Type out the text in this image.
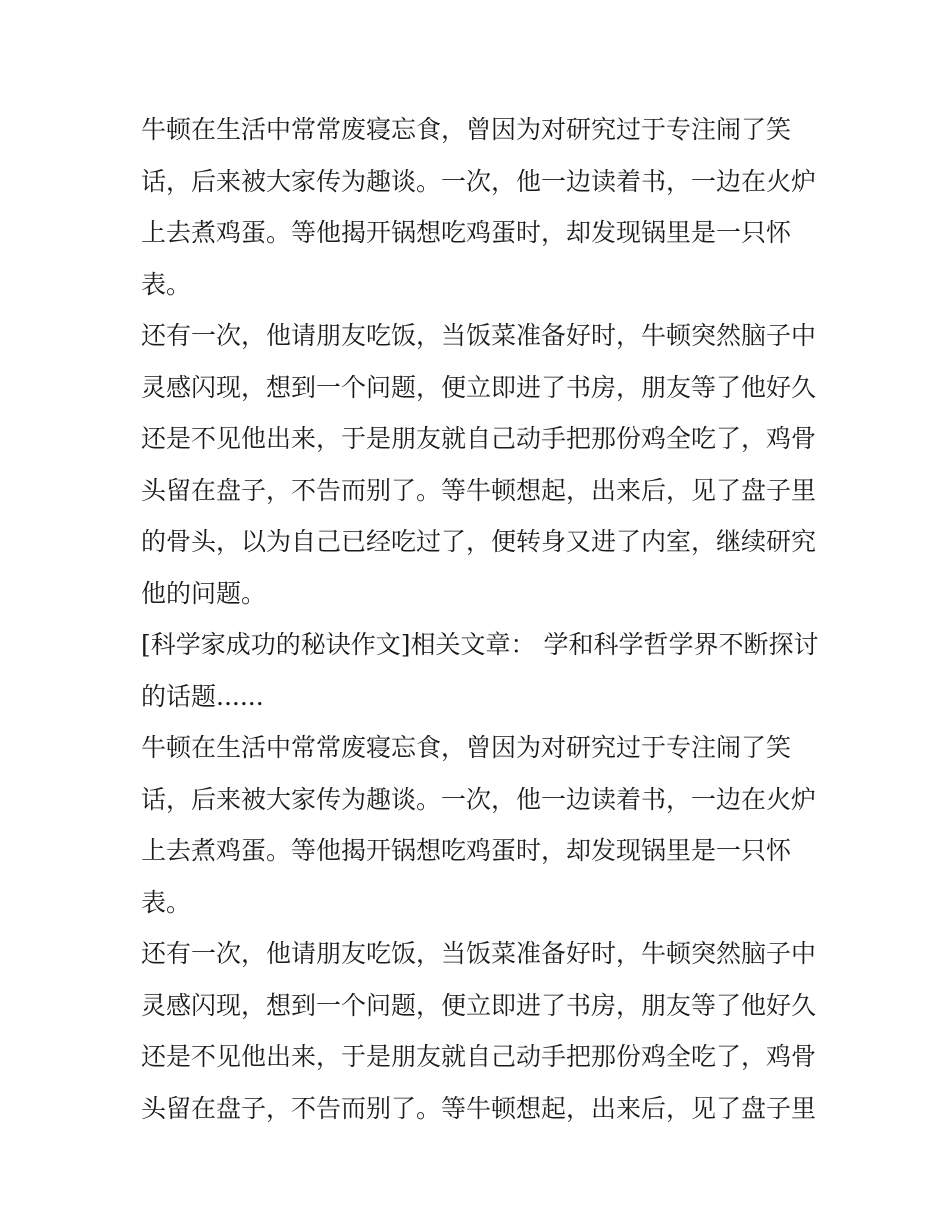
牛顿在生活中常常废寝忘食，曾因为对研究过于专注闹了笑
话，后来被大家传为趣谈。一次，他一边读着书，一边在火炉
上去煮鸡蛋。等他揭开锅想吃鸡蛋时，却发现锅里是一只怀
表。
还有一次，他请朋友吃饭，当饭菜准备好时，牛顿突然脑子中
灵感闪现，想到一个问题，便立即进了书房，朋友等了他好久
还是不见他出来，于是朋友就自己动手把那份鸡全吃了，鸡骨
头留在盘子，不告而别了。等牛顿想起，出来后，见了盘子里
的骨头，以为自己已经吃过了，便转身又进了内室，继续研究
他的问题。
[科学家成功的秘诀作文]相关文章： 学和科学哲学界不断探讨
的话题......
牛顿在生活中常常废寝忘食，曾因为对研究过于专注闹了笑
话，后来被大家传为趣谈。一次，他一边读着书，一边在火炉
上去煮鸡蛋。等他揭开锅想吃鸡蛋时，却发现锅里是一只怀
表。
还有一次，他请朋友吃饭，当饭菜准备好时，牛顿突然脑子中
灵感闪现，想到一个问题，便立即进了书房，朋友等了他好久
还是不见他出来，于是朋友就自己动手把那份鸡全吃了，鸡骨
头留在盘子，不告而别了。等牛顿想起，出来后，见了盘子里
